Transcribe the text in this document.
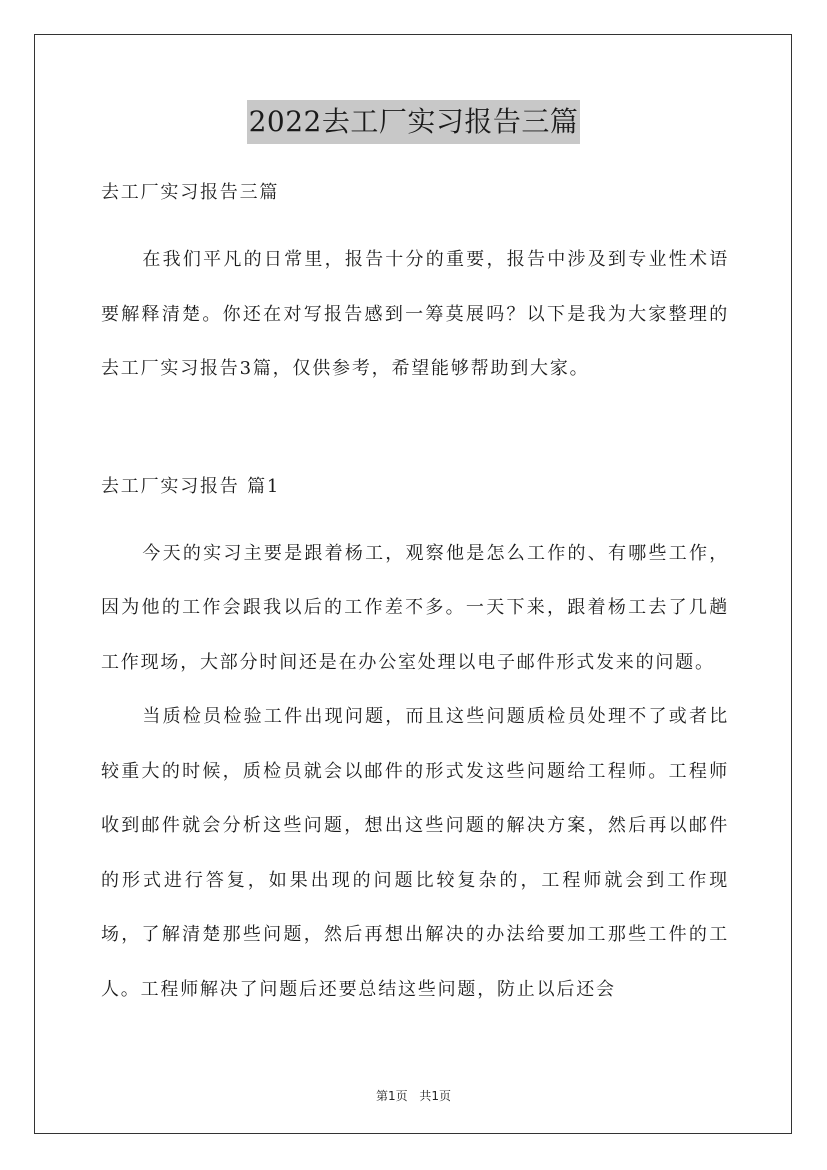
2022去工厂实习报告三篇

去工厂实习报告三篇

在我们平凡的日常里，报告十分的重要，报告中涉及到专业性术语要解释清楚。你还在对写报告感到一筹莫展吗？以下是我为大家整理的去工厂实习报告3篇，仅供参考，希望能够帮助到大家。

去工厂实习报告 篇1

今天的实习主要是跟着杨工，观察他是怎么工作的、有哪些工作，因为他的工作会跟我以后的工作差不多。一天下来，跟着杨工去了几趟工作现场，大部分时间还是在办公室处理以电子邮件形式发来的问题。

当质检员检验工件出现问题，而且这些问题质检员处理不了或者比较重大的时候，质检员就会以邮件的形式发这些问题给工程师。工程师收到邮件就会分析这些问题，想出这些问题的解决方案，然后再以邮件的形式进行答复，如果出现的问题比较复杂的，工程师就会到工作现场，了解清楚那些问题，然后再想出解决的办法给要加工那些工件的工人。工程师解决了问题后还要总结这些问题，防止以后还会

第1页 共1页
